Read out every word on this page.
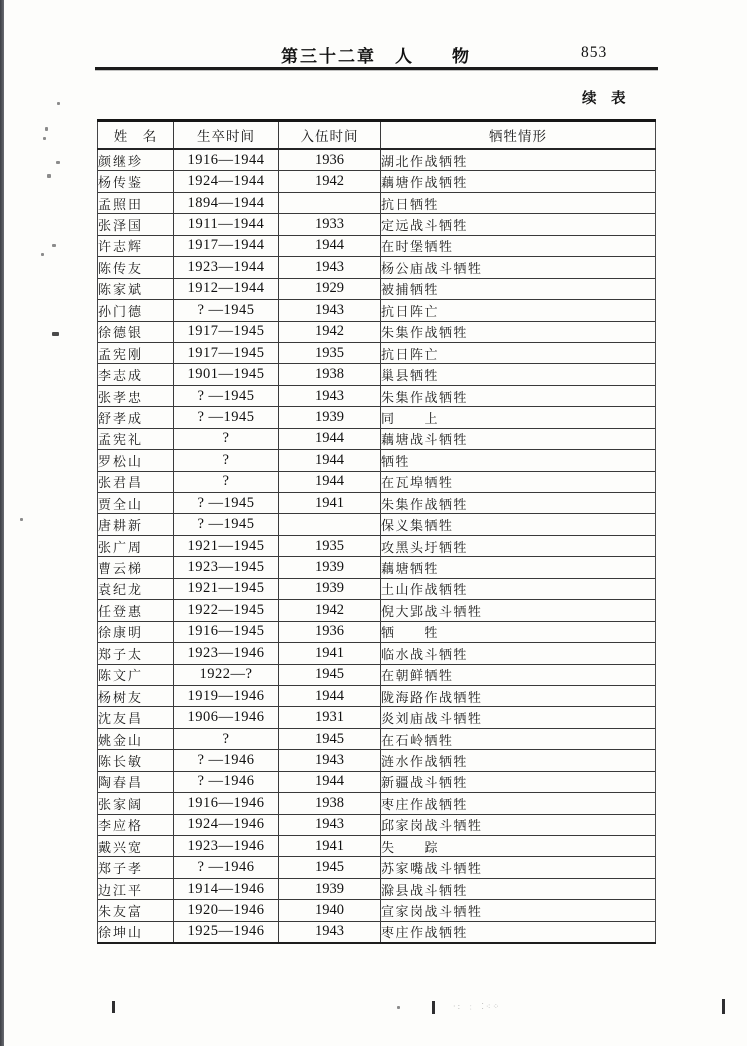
第三十二章　人　　物	853
续　表
姓　名	生卒时间	入伍时间	牺牲情形
颜继珍	1916—1944	1936	湖北作战牺牲
杨传鉴	1924—1944	1942	藕塘作战牺牲
孟照田	1894—1944		抗日牺牲
张泽国	1911—1944	1933	定远战斗牺牲
许志辉	1917—1944	1944	在时堡牺牲
陈传友	1923—1944	1943	杨公庙战斗牺牲
陈家斌	1912—1944	1929	被捕牺牲
孙门德	? —1945	1943	抗日阵亡
徐德银	1917—1945	1942	朱集作战牺牲
孟宪刚	1917—1945	1935	抗日阵亡
李志成	1901—1945	1938	巢县牺牲
张孝忠	? —1945	1943	朱集作战牺牲
舒孝成	? —1945	1939	同　　上
孟宪礼	?	1944	藕塘战斗牺牲
罗松山	?	1944	牺牲
张君昌	?	1944	在瓦埠牺牲
贾全山	? —1945	1941	朱集作战牺牲
唐耕新	? —1945		保义集牺牲
张广周	1921—1945	1935	攻黑头圩牺牲
曹云梯	1923—1945	1939	藕塘牺牲
袁纪龙	1921—1945	1939	土山作战牺牲
任登惠	1922—1945	1942	倪大郢战斗牺牲
徐康明	1916—1945	1936	牺　　牲
郑子太	1923—1946	1941	临水战斗牺牲
陈文广	1922—?	1945	在朝鲜牺牲
杨树友	1919—1946	1944	陇海路作战牺牲
沈友昌	1906—1946	1931	炎刘庙战斗牺牲
姚金山	?	1945	在石岭牺牲
陈长敏	? —1946	1943	涟水作战牺牲
陶春昌	? —1946	1944	新疆战斗牺牲
张家阔	1916—1946	1938	枣庄作战牺牲
李应格	1924—1946	1943	邱家岗战斗牺牲
戴兴宽	1923—1946	1941	失　　踪
郑子孝	? —1946	1945	苏家嘴战斗牺牲
边江平	1914—1946	1939	滁县战斗牺牲
朱友富	1920—1946	1940	宣家岗战斗牺牲
徐坤山	1925—1946	1943	枣庄作战牺牲
·: ﹕ ⁚⁖⁘
